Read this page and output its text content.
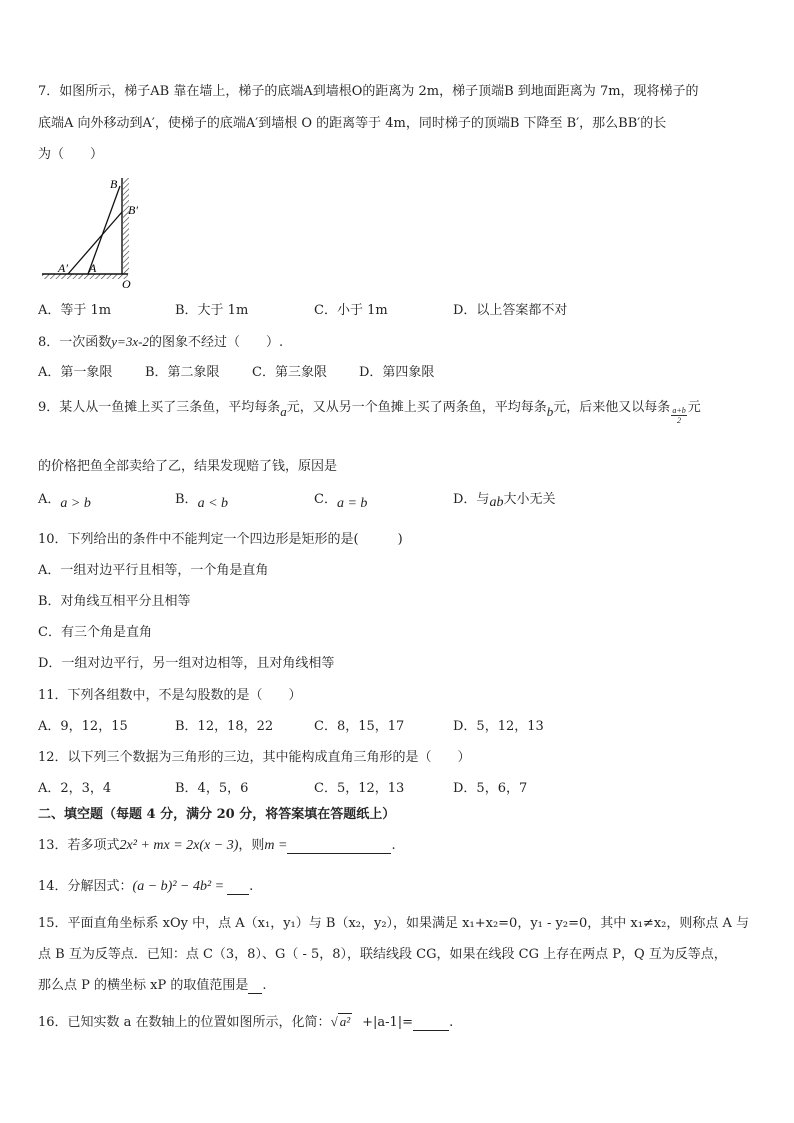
7．如图所示，梯子AB 靠在墙上，梯子的底端A到墙根O的距离为 2m，梯子顶端B 到地面距离为 7m，现将梯子的
底端A 向外移动到A′，使梯子的底端A′到墙根 O 的距离等于 4m，同时梯子的顶端B 下降至 B′，那么BB′的长
为（　　）
B
B′
A′ A
O
A．等于 1m	B．大于 1m	C．小于 1m	D．以上答案都不对
8．一次函数y=3x-2的图象不经过（　　）.
A．第一象限	B．第二象限 C．第三象限 D．第四象限
9．某人从一鱼摊上买了三条鱼，平均每条a元，又从另一个鱼摊上买了两条鱼，平均每条b元，后来他又以每条 $\frac{a+b}{2}$ 元
的价格把鱼全部卖给了乙，结果发现赔了钱，原因是
A．a > b	B．a < b	C．a = b	D．与ab大小无关
10．下列给出的条件中不能判定一个四边形是矩形的是(　　　)
A．一组对边平行且相等，一个角是直角
B．对角线互相平分且相等
C．有三个角是直角
D．一组对边平行，另一组对边相等，且对角线相等
11．下列各组数中，不是勾股数的是（　　）
A．9，12，15	B．12，18，22	C．8，15，17	D．5，12，13
12．以下列三个数据为三角形的三边，其中能构成直角三角形的是（　　）
A．2，3，4	B．4，5，6	C．5，12，13	D．5，6，7
二、填空题（每题 4 分，满分 20 分，将答案填在答题纸上）
13．若多项式2x² + mx = 2x(x − 3)，则m =	.
14．分解因式：(a − b)² − 4b² = .
15．平面直角坐标系 xOy 中，点 A（x₁，y₁）与 B（x₂，y₂），如果满足 x₁+x₂=0，y₁ - y₂=0，其中 x₁≠x₂，则称点 A 与
点 B 互为反等点．已知：点 C（3，8）、G（ - 5，8），联结线段 CG，如果在线段 CG 上存在两点 P，Q 互为反等点，
那么点 P 的横坐标 xP 的取值范围是 .
16．已知实数 a 在数轴上的位置如图所示，化简：√ a² +|a-1|=	.
